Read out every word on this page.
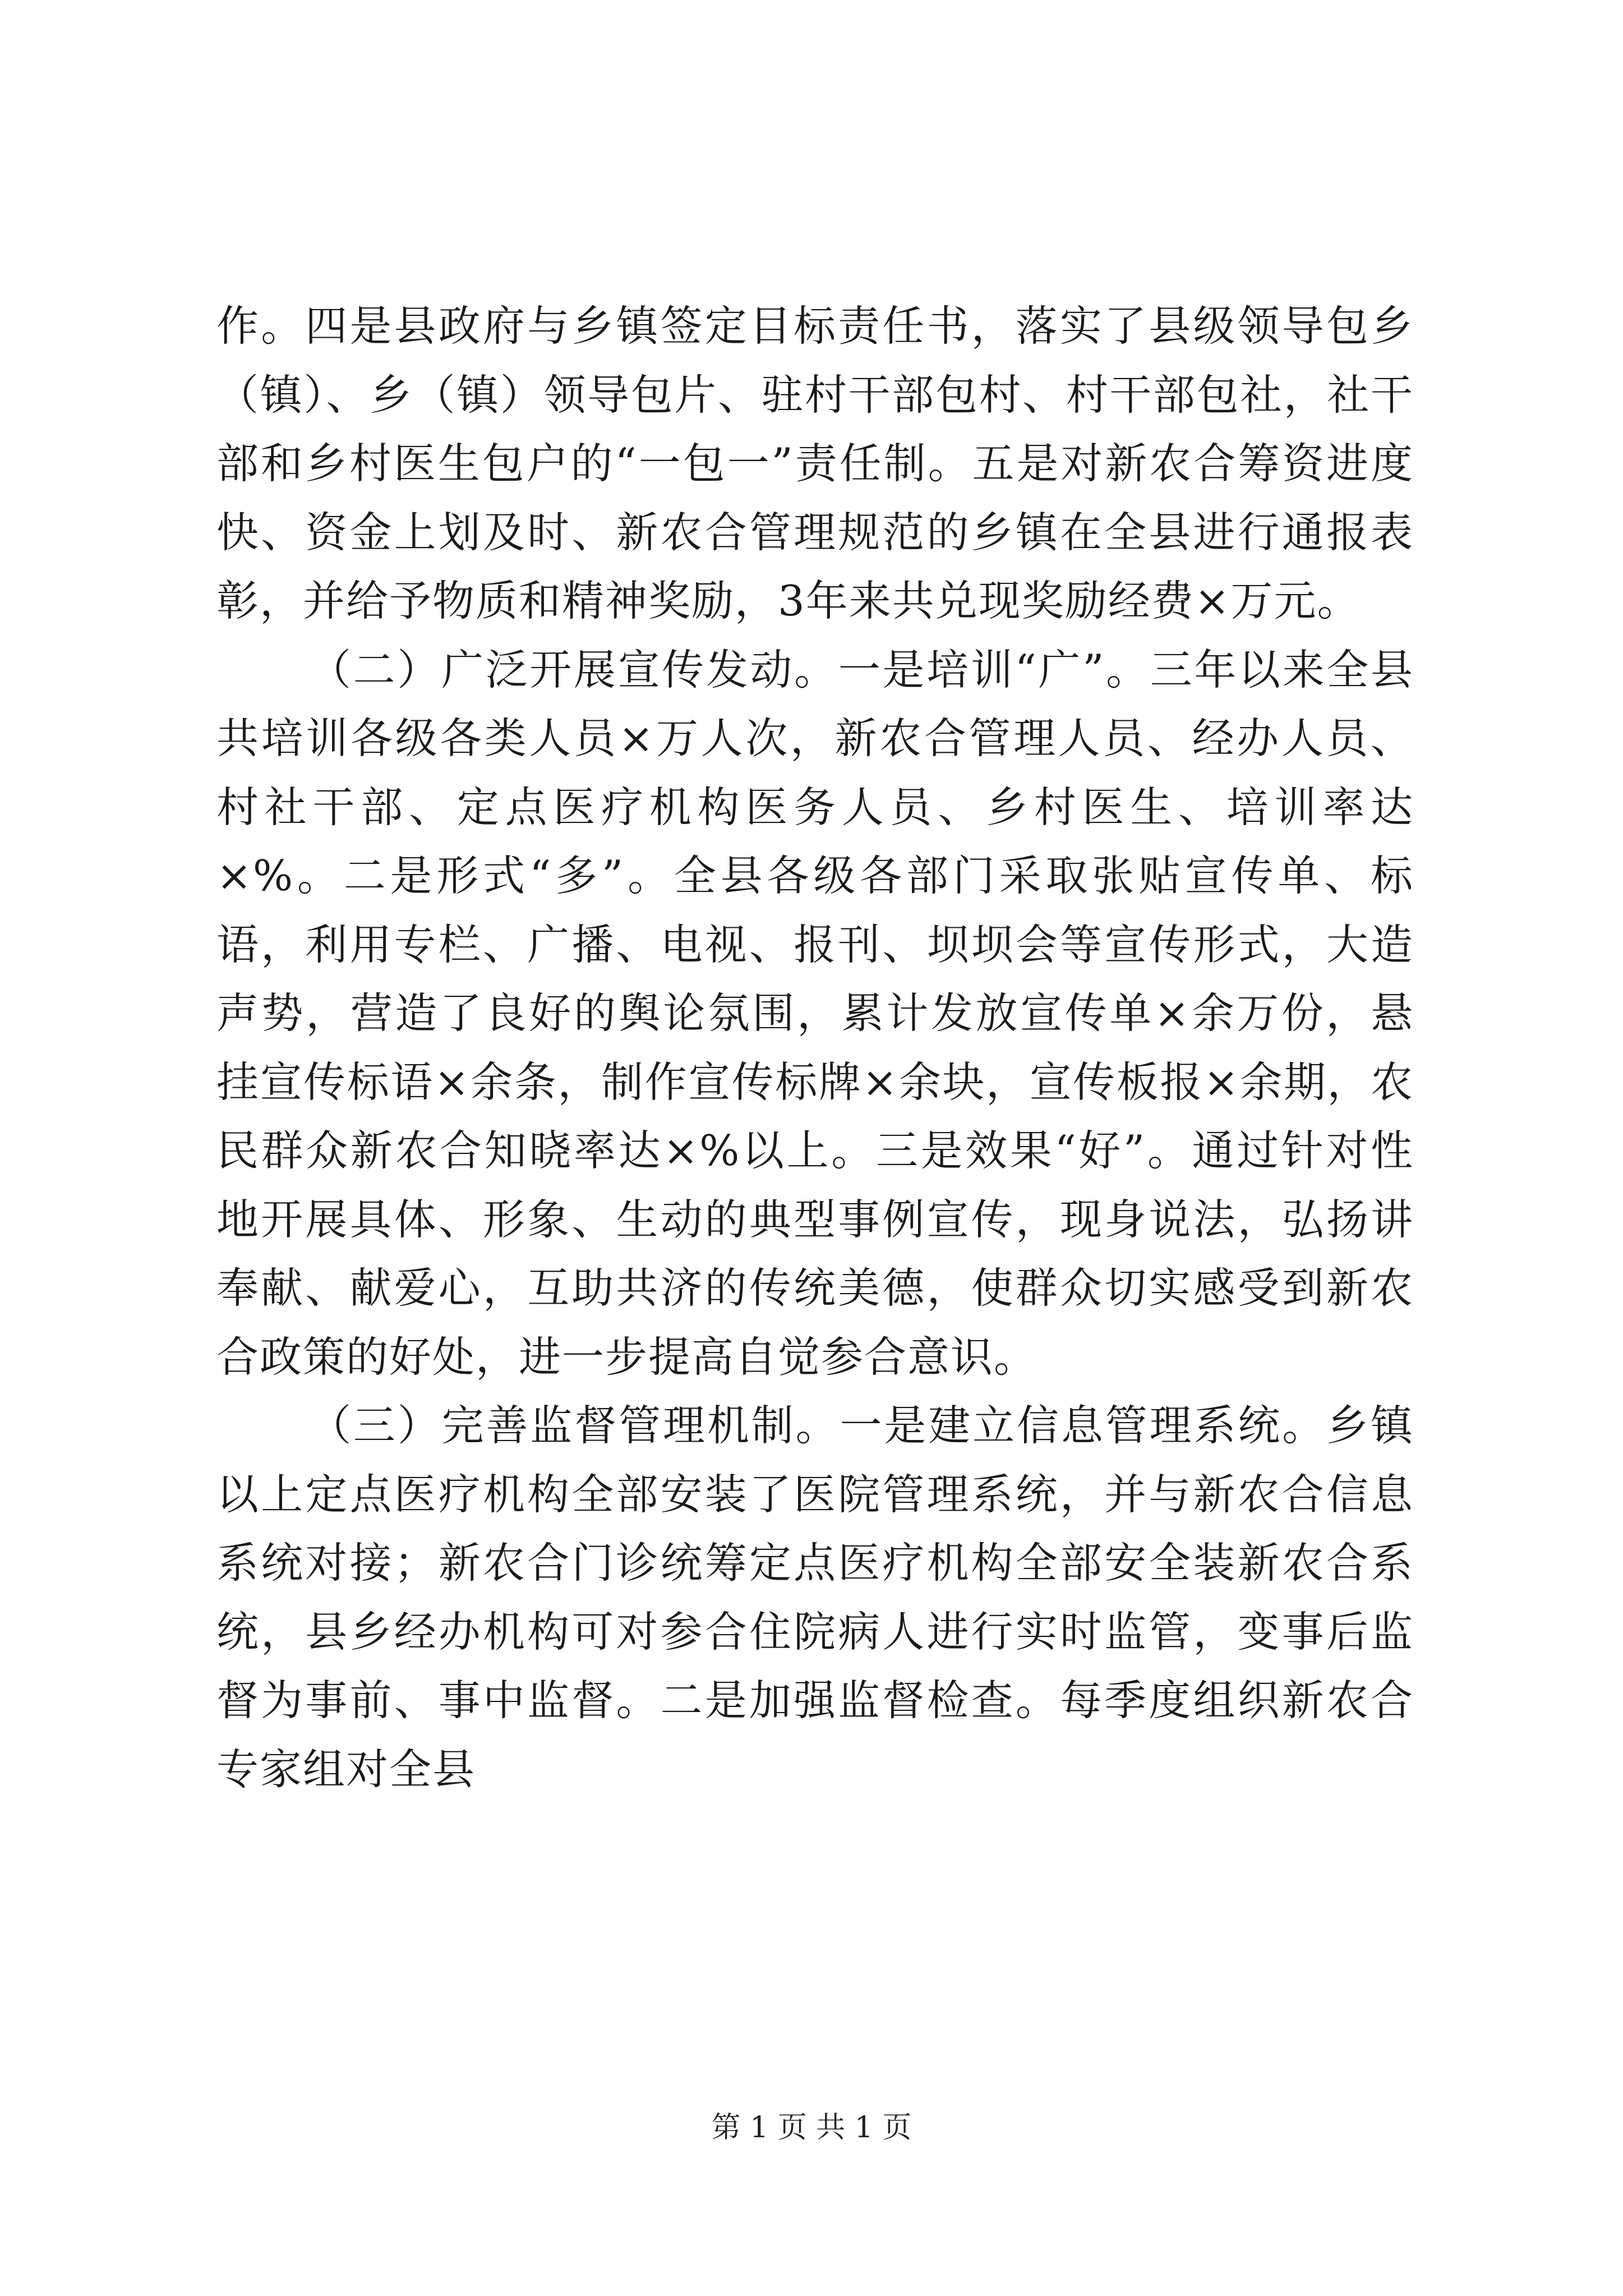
作。四是县政府与乡镇签定目标责任书，落实了县级领导包乡（镇）、乡（镇）领导包片、驻村干部包村、村干部包社，社干部和乡村医生包户的“一包一”责任制。五是对新农合筹资进度快、资金上划及时、新农合管理规范的乡镇在全县进行通报表彰，并给予物质和精神奖励，3年来共兑现奖励经费×万元。

（二）广泛开展宣传发动。一是培训“广”。三年以来全县共培训各级各类人员×万人次，新农合管理人员、经办人员、村社干部、定点医疗机构医务人员、乡村医生、培训率达×%。二是形式“多”。全县各级各部门采取张贴宣传单、标语，利用专栏、广播、电视、报刊、坝坝会等宣传形式，大造声势，营造了良好的舆论氛围，累计发放宣传单×余万份，悬挂宣传标语×余条，制作宣传标牌×余块，宣传板报×余期，农民群众新农合知晓率达×%以上。三是效果“好”。通过针对性地开展具体、形象、生动的典型事例宣传，现身说法，弘扬讲奉献、献爱心，互助共济的传统美德，使群众切实感受到新农合政策的好处，进一步提高自觉参合意识。

（三）完善监督管理机制。一是建立信息管理系统。乡镇以上定点医疗机构全部安装了医院管理系统，并与新农合信息系统对接；新农合门诊统筹定点医疗机构全部安全装新农合系统，县乡经办机构可对参合住院病人进行实时监管，变事后监督为事前、事中监督。二是加强监督检查。每季度组织新农合专家组对全县

第 1 页 共 1 页
